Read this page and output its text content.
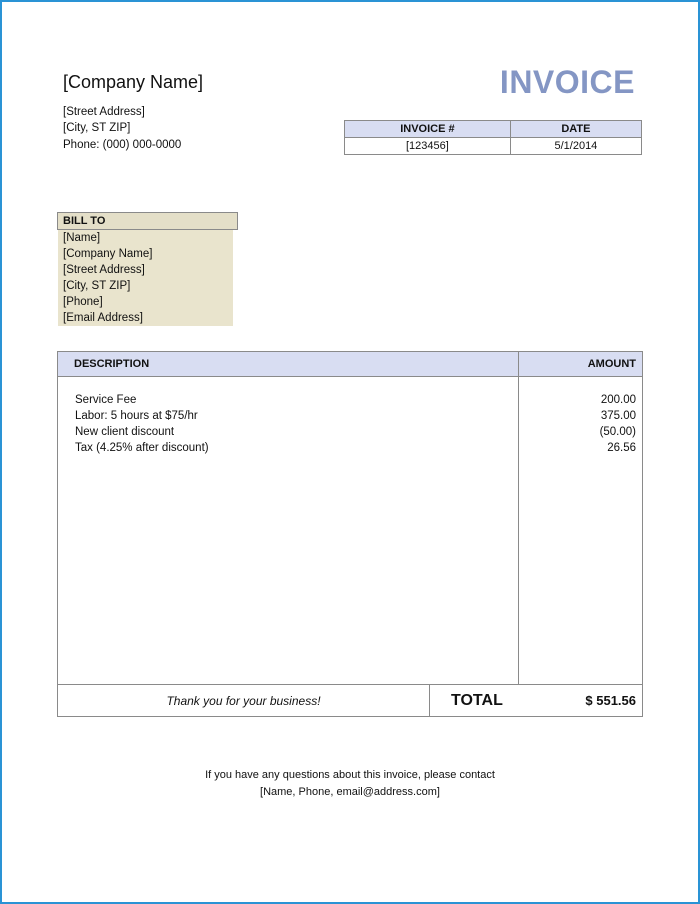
[Company Name]
[Street Address]
[City, ST ZIP]
Phone: (000) 000-0000
INVOICE
INVOICE #	DATE
[123456]	5/1/2014
BILL TO
[Name]
[Company Name]
[Street Address]
[City, ST ZIP]
[Phone]
[Email Address]
DESCRIPTION	AMOUNT
Service Fee	200.00
Labor: 5 hours at $75/hr	375.00
New client discount	(50.00)
Tax (4.25% after discount)	26.56
Thank you for your business!	TOTAL	$ 551.56
If you have any questions about this invoice, please contact
[Name, Phone, email@address.com]
